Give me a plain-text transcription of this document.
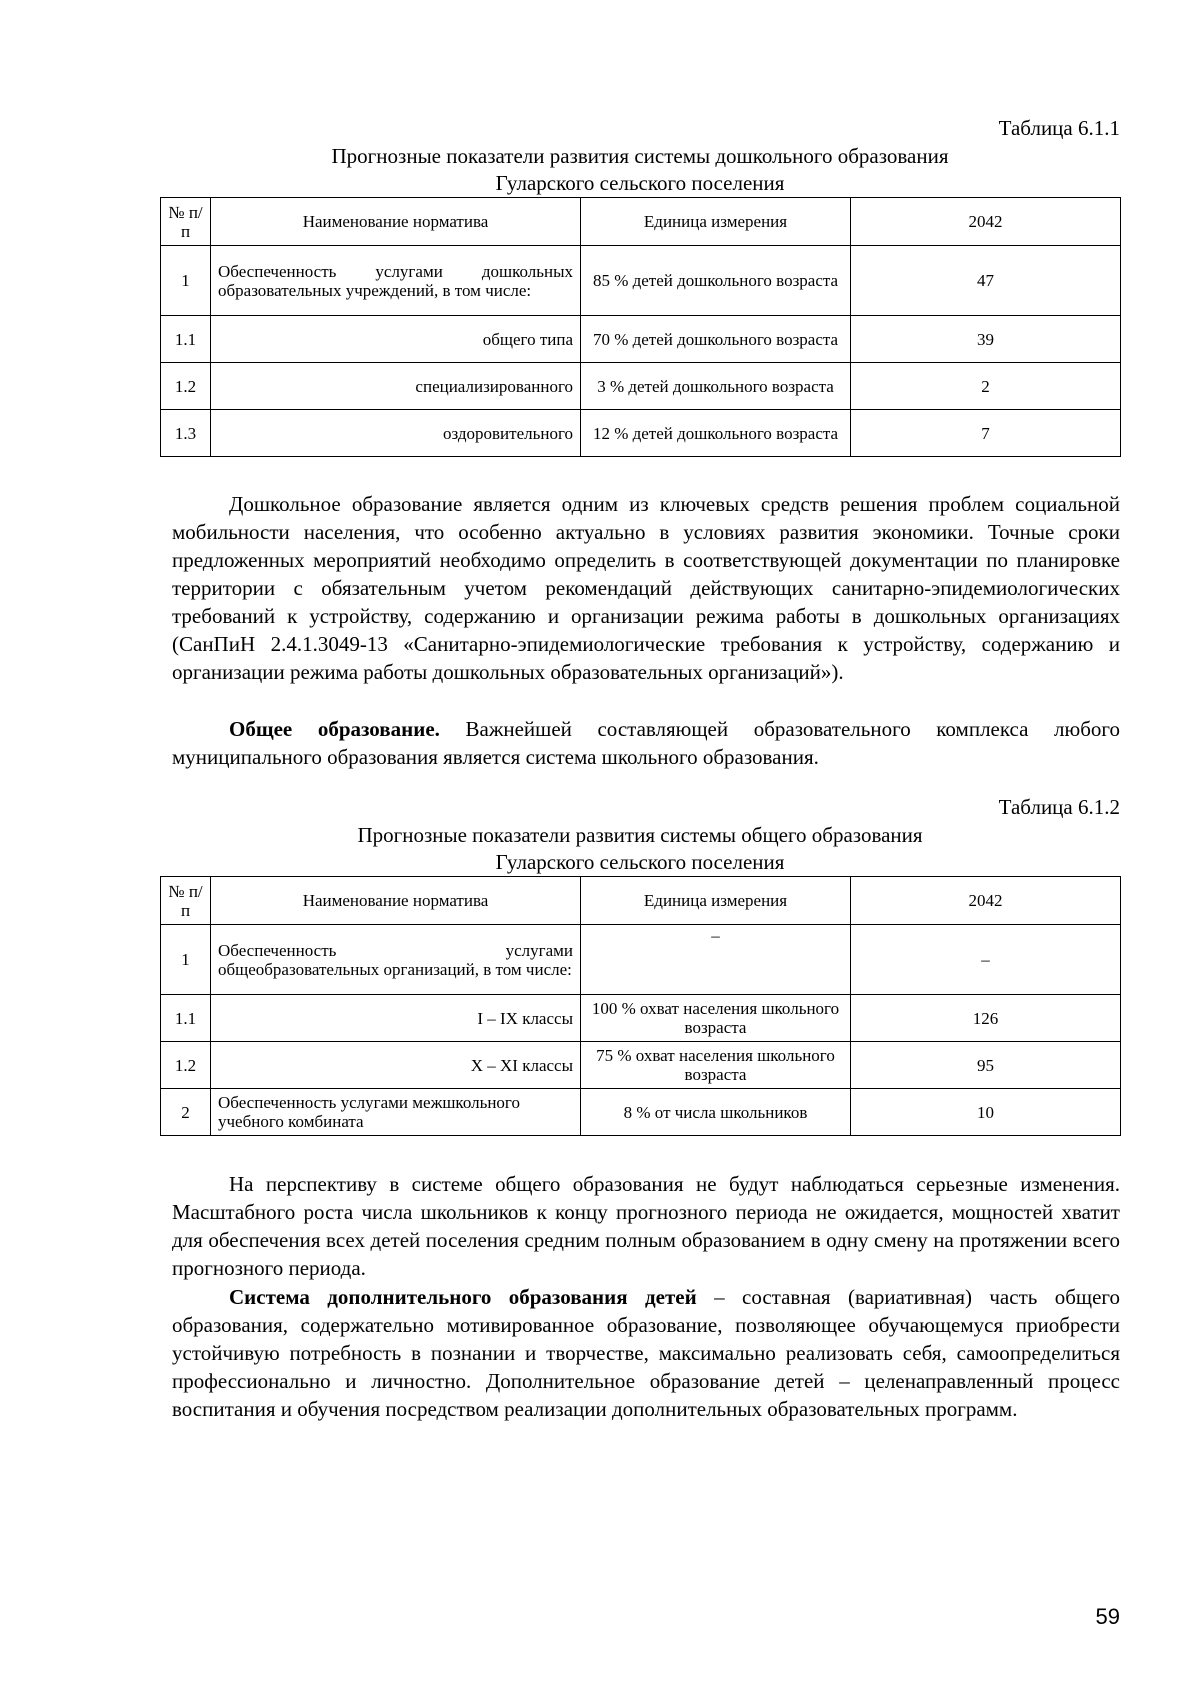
Таблица 6.1.1
Прогнозные показатели развития системы дошкольного образования
Гуларского сельского поселения
№ п/п	Наименование норматива	Единица измерения	2042
1	Обеспеченность услугами дошкольных образовательных учреждений, в том числе:	85 % детей дошкольного возраста	47
1.1	общего типа	70 % детей дошкольного возраста	39
1.2	специализированного	3 % детей дошкольного возраста	2
1.3	оздоровительного	12 % детей дошкольного возраста	7
Дошкольное образование является одним из ключевых средств решения проблем социальной мобильности населения, что особенно актуально в условиях развития экономики. Точные сроки предложенных мероприятий необходимо определить в соответствующей документации по планировке территории с обязательным учетом рекомендаций действующих санитарно-эпидемиологических требований к устройству, содержанию и организации режима работы в дошкольных организациях (СанПиН 2.4.1.3049-13 «Санитарно-эпидемиологические требования к устройству, содержанию и организации режима работы дошкольных образовательных организаций»).
Общее образование. Важнейшей составляющей образовательного комплекса любого муниципального образования является система школьного образования.
Таблица 6.1.2
Прогнозные показатели развития системы общего образования
Гуларского сельского поселения
№ п/п	Наименование норматива	Единица измерения	2042
1	Обеспеченность услугами общеобразовательных организаций, в том числе:	–	–
1.1	I – IX классы	100 % охват населения школьного возраста	126
1.2	X – XI классы	75 % охват населения школьного возраста	95
2	Обеспеченность услугами межшкольного учебного комбината	8 % от числа школьников	10
На перспективу в системе общего образования не будут наблюдаться серьезные изменения. Масштабного роста числа школьников к концу прогнозного периода не ожидается, мощностей хватит для обеспечения всех детей поселения средним полным образованием в одну смену на протяжении всего прогнозного периода.
Система дополнительного образования детей – составная (вариативная) часть общего образования, содержательно мотивированное образование, позволяющее обучающемуся приобрести устойчивую потребность в познании и творчестве, максимально реализовать себя, самоопределиться профессионально и личностно. Дополнительное образование детей – целенаправленный процесс воспитания и обучения посредством реализации дополнительных образовательных программ.
59
